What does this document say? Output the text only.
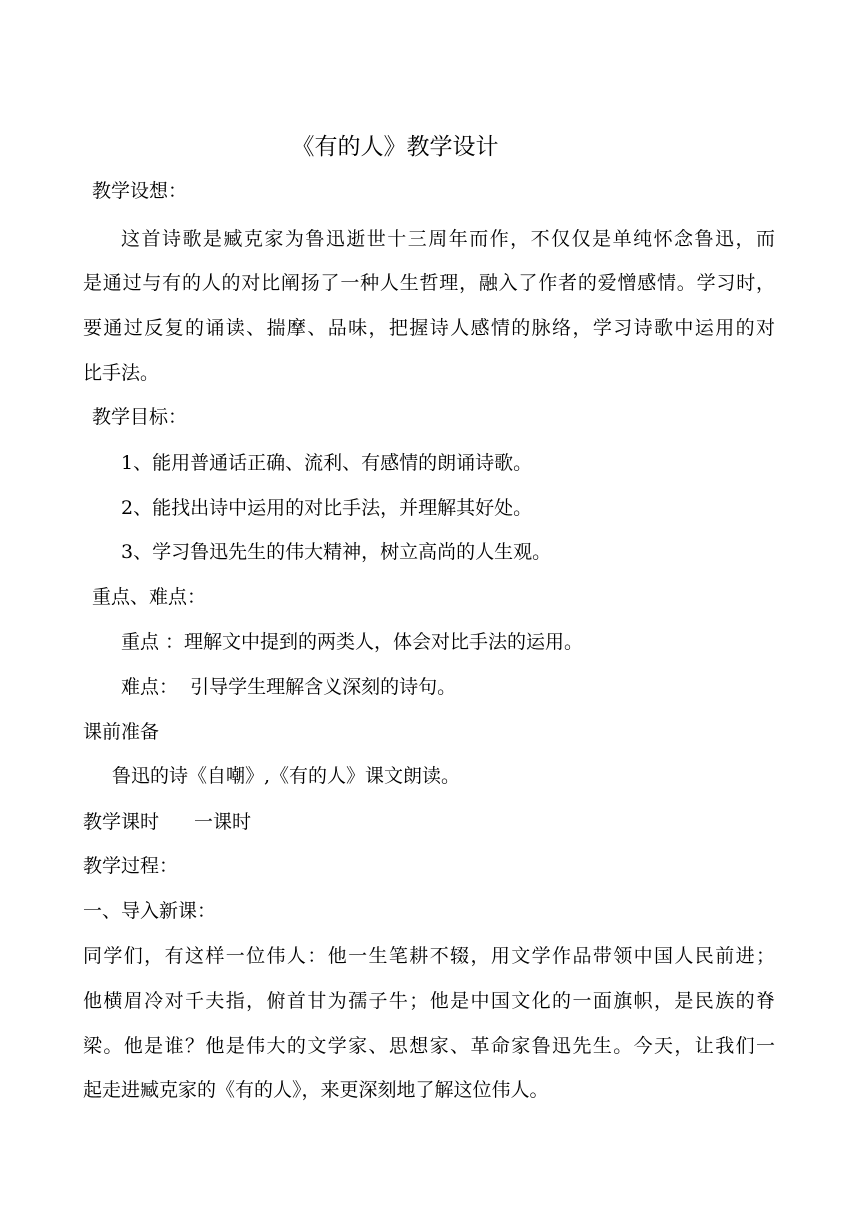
《有的人》教学设计
教学设想：
这首诗歌是臧克家为鲁迅逝世十三周年而作，不仅仅是单纯怀念鲁迅，而
是通过与有的人的对比阐扬了一种人生哲理，融入了作者的爱憎感情。学习时，
要通过反复的诵读、揣摩、品味，把握诗人感情的脉络，学习诗歌中运用的对
比手法。
教学目标：
1、能用普通话正确、流利、有感情的朗诵诗歌。
2、能找出诗中运用的对比手法，并理解其好处。
3、学习鲁迅先生的伟大精神，树立高尚的人生观。
重点、难点：
重点 ：理解文中提到的两类人，体会对比手法的运用。
难点：  引导学生理解含义深刻的诗句。
课前准备
鲁迅的诗《自嘲》,《有的人》课文朗读。
教学课时 一课时
教学过程：
一、导入新课：
同学们，有这样一位伟人：他一生笔耕不辍，用文学作品带领中国人民前进；
他横眉冷对千夫指，俯首甘为孺子牛；他是中国文化的一面旗帜，是民族的脊
梁。他是谁？他是伟大的文学家、思想家、革命家鲁迅先生。今天，让我们一
起走进臧克家的《有的人》，来更深刻地了解这位伟人。
